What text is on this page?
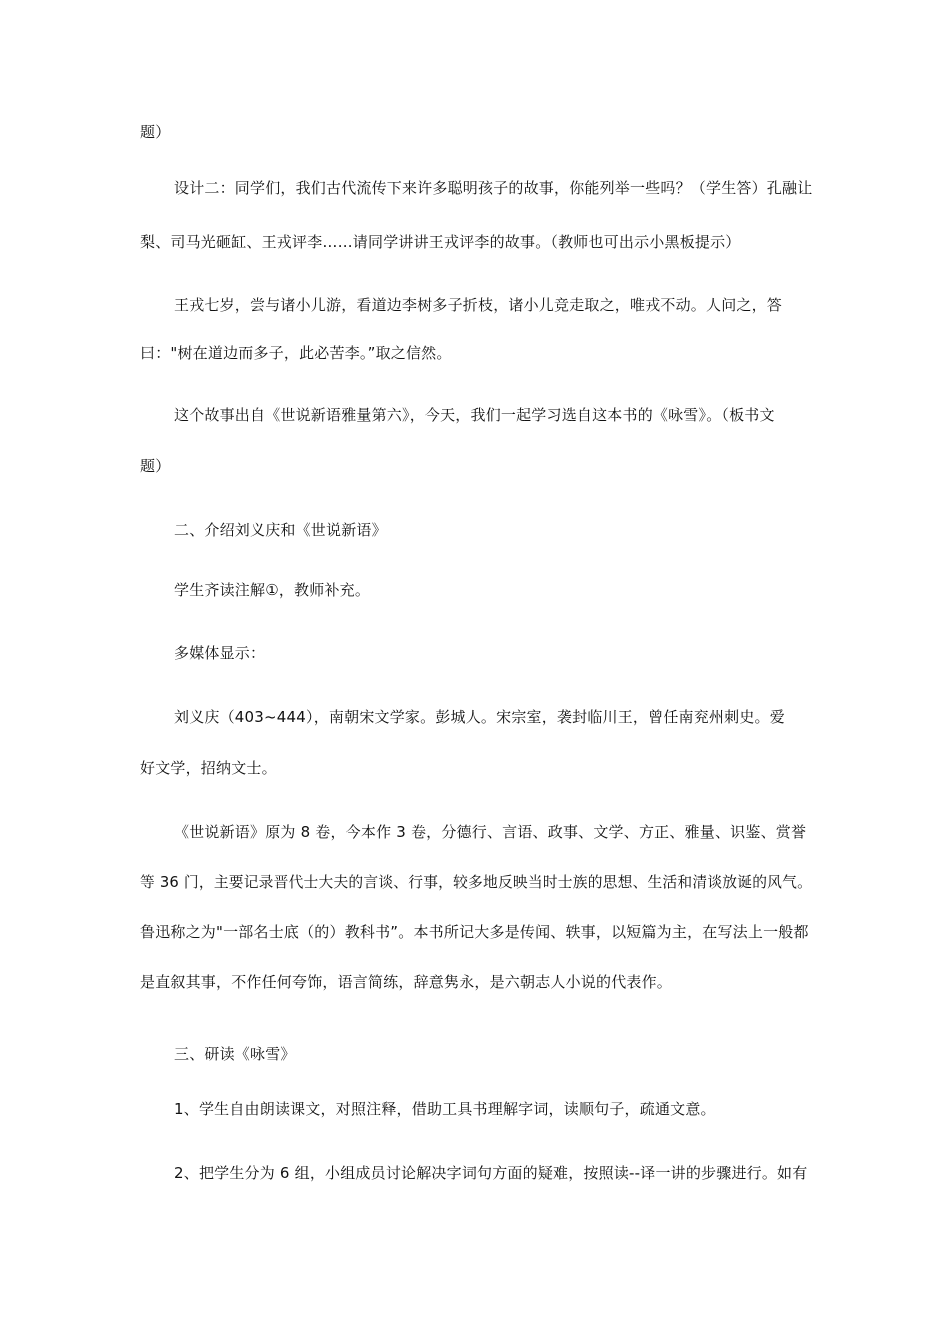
题）
设计二：同学们，我们古代流传下来许多聪明孩子的故事，你能列举一些吗？（学生答）孔融让
梨、司马光砸缸、王戎评李……请同学讲讲王戎评李的故事。（教师也可出示小黑板提示）
王戎七岁，尝与诸小儿游，看道边李树多子折枝，诸小儿竞走取之，唯戎不动。人问之，答
曰："树在道边而多子，此必苦李。”取之信然。
这个故事出自《世说新语雅量第六》，今天，我们一起学习选自这本书的《咏雪》。（板书文
题）
二、介绍刘义庆和《世说新语》
学生齐读注解①，教师补充。
多媒体显示：
刘义庆（403~444），南朝宋文学家。彭城人。宋宗室，袭封临川王，曾任南兖州刺史。爱
好文学，招纳文士。
《世说新语》原为 8 卷，今本作 3 卷，分德行、言语、政事、文学、方正、雅量、识鉴、赏誉
等 36 门，主要记录晋代士大夫的言谈、行事，较多地反映当时士族的思想、生活和清谈放诞的风气。
鲁迅称之为"一部名士底（的）教科书”。本书所记大多是传闻、轶事，以短篇为主，在写法上一般都
是直叙其事，不作任何夸饰，语言简练，辞意隽永，是六朝志人小说的代表作。
三、研读《咏雪》
1、学生自由朗读课文，对照注释，借助工具书理解字词，读顺句子，疏通文意。
2、把学生分为 6 组，小组成员讨论解决字词句方面的疑难，按照读--译一讲的步骤进行。如有
